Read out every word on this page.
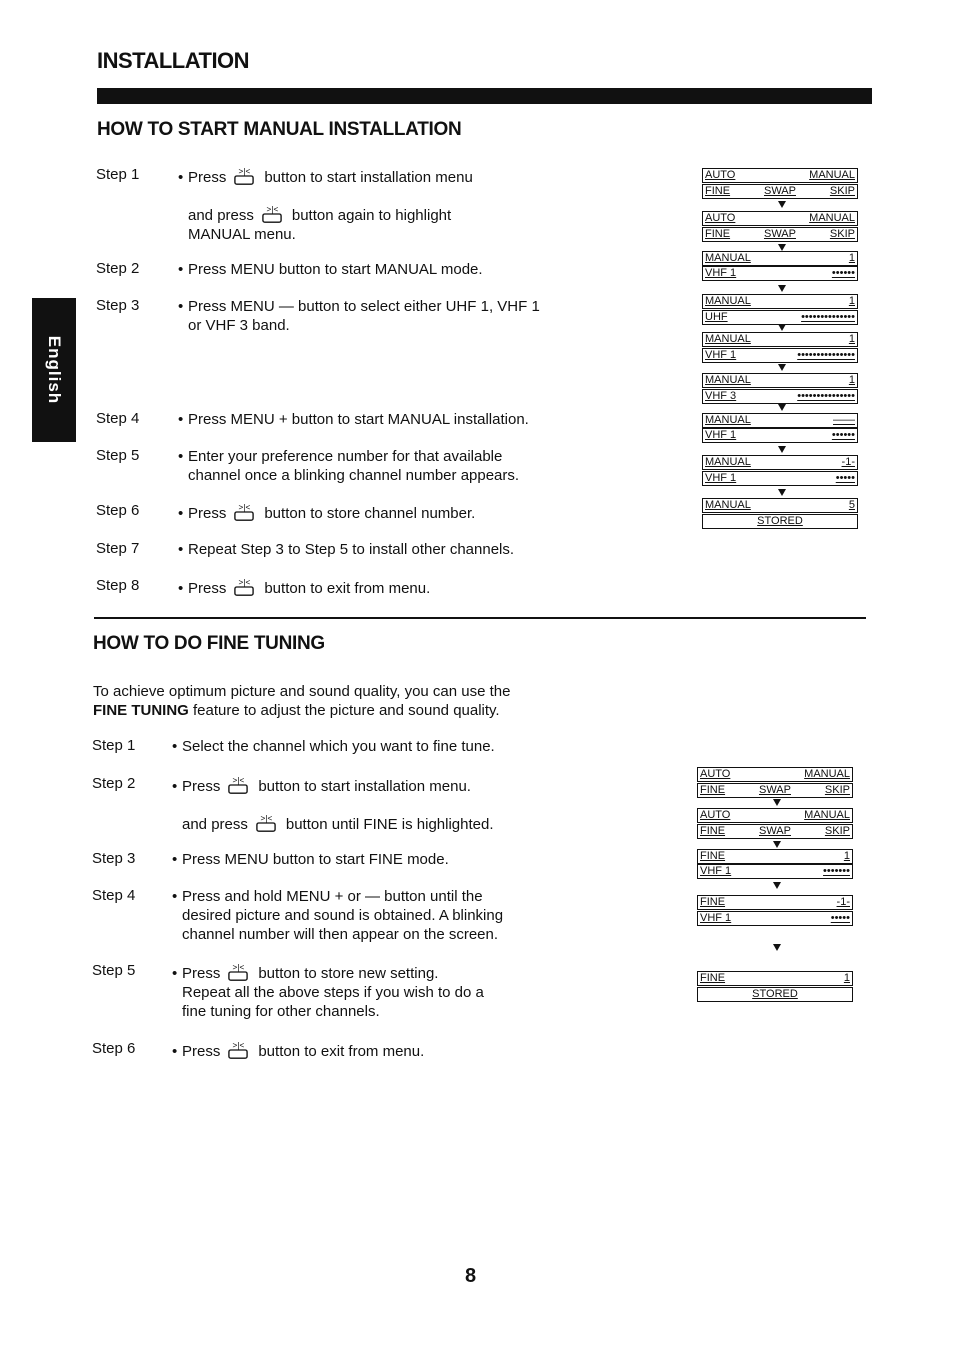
INSTALLATION
English
HOW TO START MANUAL INSTALLATION
Step 1	• Press >|< button to start installation menu
and press >|< button again to highlight
MANUAL menu.
Step 2	• Press MENU button to start MANUAL mode.
Step 3	• Press MENU — button to select either UHF 1, VHF 1
or VHF 3 band.
Step 4	• Press MENU + button to start MANUAL installation.
Step 5	• Enter your preference number for that available
channel once a blinking channel number appears.
Step 6	• Press >|< button to store channel number.
Step 7	• Repeat Step 3 to Step 5 to install other channels.
Step 8	• Press >|< button to exit from menu.
AUTO	MANUAL
FINE	SWAP	SKIP
AUTO	MANUAL
FINE	SWAP	SKIP
MANUAL	1
VHF 1	••••••
MANUAL	1
UHF	••••••••••••••
MANUAL	1
VHF 1	•••••••••••••••
MANUAL	1
VHF 3	•••••••••••••••
MANUAL	——
VHF 1	••••••
MANUAL	-1-
VHF 1	•••••
MANUAL	5
STORED
HOW TO DO FINE TUNING
To achieve optimum picture and sound quality, you can use the
FINE TUNING feature to adjust the picture and sound quality.
Step 1 • Select the channel which you want to fine tune.
Step 2 • Press >|< button to start installation menu.
and press >|< button until FINE is highlighted.
Step 3 • Press MENU button to start FINE mode.
Step 4 • Press and hold MENU + or — button until the
desired picture and sound is obtained. A blinking
channel number will then appear on the screen.
Step 5 • Press >|< button to store new setting.
Repeat all the above steps if you wish to do a
fine tuning for other channels.
Step 6 • Press >|< button to exit from menu.
AUTO	MANUAL
FINE	SWAP	SKIP
AUTO	MANUAL
FINE	SWAP	SKIP
FINE	1
VHF 1	•••••••
FINE	-1-
VHF 1	•••••
FINE	1
STORED
8
